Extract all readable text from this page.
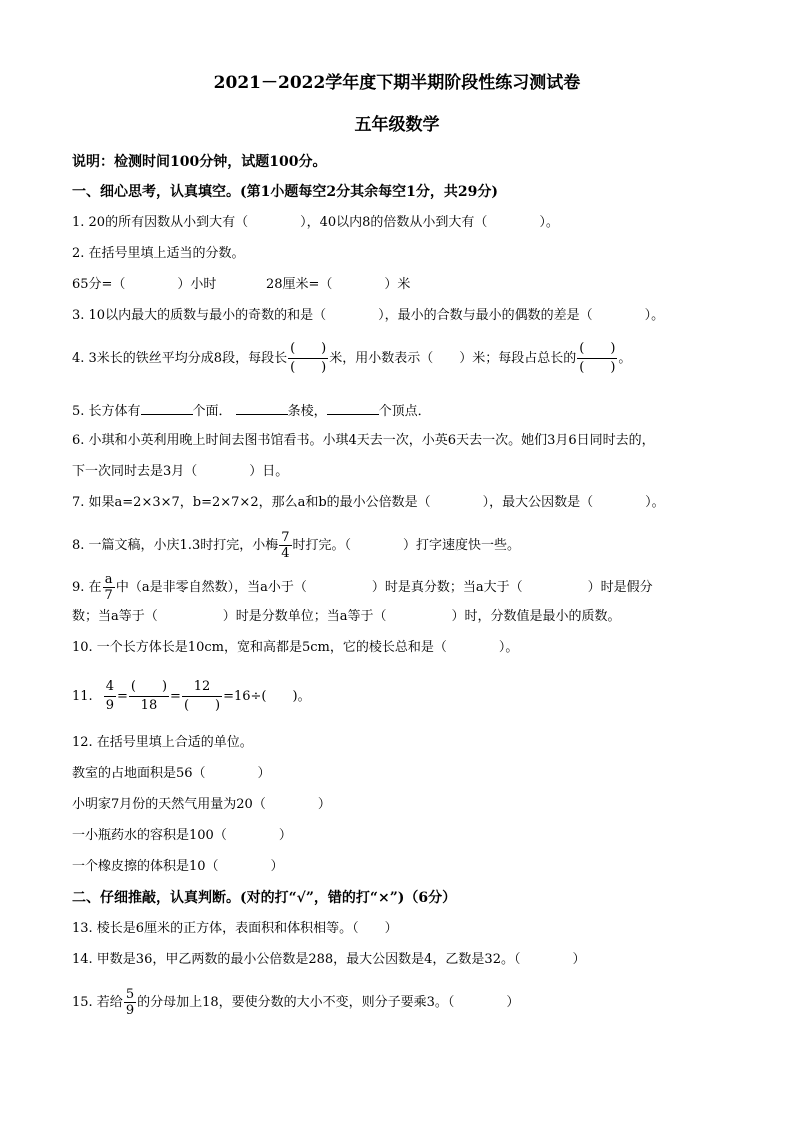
2021－2022学年度下期半期阶段性练习测试卷
五年级数学
说明：检测时间100分钟，试题100分。
一、细心思考，认真填空。(第1小题每空2分其余每空1分，共29分)
1. 20的所有因数从小到大有（　　　　），40以内8的倍数从小到大有（　　　　）。
2. 在括号里填上适当的分数。
65分=（　　　　）小时	28厘米=（　　　　）米
3. 10以内最大的质数与最小的奇数的和是（　　　　），最小的合数与最小的偶数的差是（　　　　）。
4. 3米长的铁丝平均分成8段，每段长 $\frac{( )}{( )}$ 米，用小数表示（　　）米；每段占总长的 $\frac{( )}{( )}$ 。
5. 长方体有	个面．	条棱，	个顶点．
6. 小琪和小英利用晚上时间去图书馆看书。小琪4天去一次，小英6天去一次。她们3月6日同时去的，
下一次同时去是3月（　　　　）日。
7. 如果a=2×3×7，b=2×7×2，那么a和b的最小公倍数是（　　　　），最大公因数是（　　　　）。
8. 一篇文稿，小庆1.3时打完，小梅 $\frac{7}{4}$ 时打完。（　　　　）打字速度快一些。
9. 在 $\frac{a}{7}$ 中（a是非零自然数），当a小于（　　　　　）时是真分数；当a大于（　　　　　）时是假分
数；当a等于（　　　　　）时是分数单位；当a等于（　　　　　）时，分数值是最小的质数。
10. 一个长方体长是10cm，宽和高都是5cm，它的棱长总和是（　　　　）。
11. $\frac{4}{9} = \frac{( )}{18} = \frac{12}{( )} =16\div$(　　)。
12. 在括号里填上合适的单位。
教室的占地面积是56（　　　　）
小明家7月份的天然气用量为20（　　　　）
一小瓶药水的容积是100（　　　　）
一个橡皮擦的体积是10（　　　　）
二、仔细推敲，认真判断。(对的打“√”，错的打“×”)（6分）
13. 棱长是6厘米的正方体，表面积和体积相等。（　　）
14. 甲数是36，甲乙两数的最小公倍数是288，最大公因数是4，乙数是32。（　　　　）
15. 若给 $\frac{5}{9}$ 的分母加上18，要使分数的大小不变，则分子要乘3。（　　　　）
